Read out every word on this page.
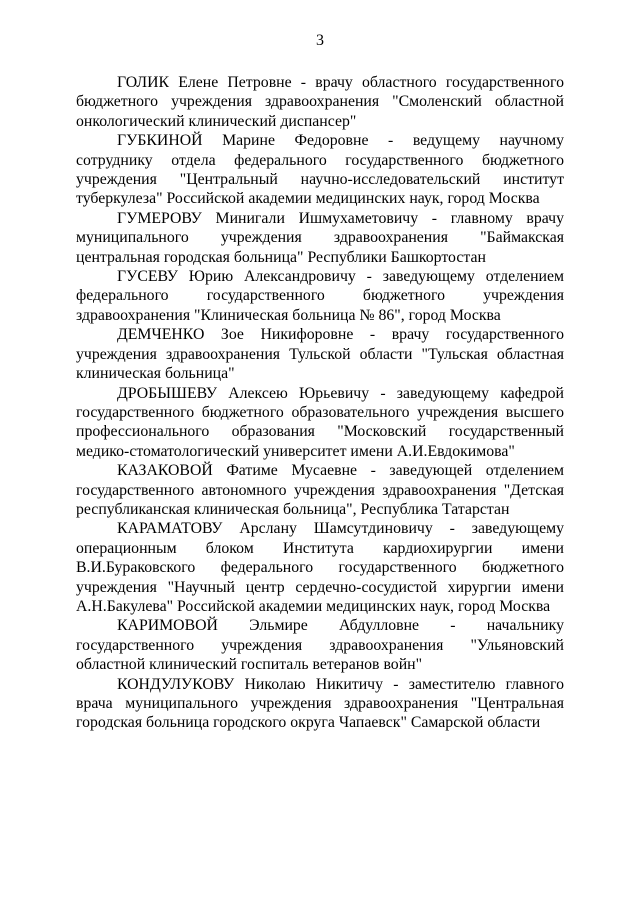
3

ГОЛИК Елене Петровне - врачу областного государственного бюджетного учреждения здравоохранения "Смоленский областной онкологический клинический диспансер"

ГУБКИНОЙ Марине Федоровне - ведущему научному сотруднику отдела федерального государственного бюджетного учреждения "Центральный научно-исследовательский институт туберкулеза" Российской академии медицинских наук, город Москва

ГУМЕРОВУ Минигали Ишмухаметовичу - главному врачу муниципального учреждения здравоохранения "Баймакская центральная городская больница" Республики Башкортостан

ГУСЕВУ Юрию Александровичу - заведующему отделением федерального государственного бюджетного учреждения здравоохранения "Клиническая больница № 86", город Москва

ДЕМЧЕНКО Зое Никифоровне - врачу государственного учреждения здравоохранения Тульской области "Тульская областная клиническая больница"

ДРОБЫШЕВУ Алексею Юрьевичу - заведующему кафедрой государственного бюджетного образовательного учреждения высшего профессионального образования "Московский государственный медико-стоматологический университет имени А.И.Евдокимова"

КАЗАКОВОЙ Фатиме Мусаевне - заведующей отделением государственного автономного учреждения здравоохранения "Детская республиканская клиническая больница", Республика Татарстан

КАРАМАТОВУ Арслану Шамсутдиновичу - заведующему операционным блоком Института кардиохирургии имени В.И.Бураковского федерального государственного бюджетного учреждения "Научный центр сердечно-сосудистой хирургии имени А.Н.Бакулева" Российской академии медицинских наук, город Москва

КАРИМОВОЙ Эльмире Абдулловне - начальнику государственного учреждения здравоохранения "Ульяновский областной клинический госпиталь ветеранов войн"

КОНДУЛУКОВУ Николаю Никитичу - заместителю главного врача муниципального учреждения здравоохранения "Центральная городская больница городского округа Чапаевск" Самарской области
